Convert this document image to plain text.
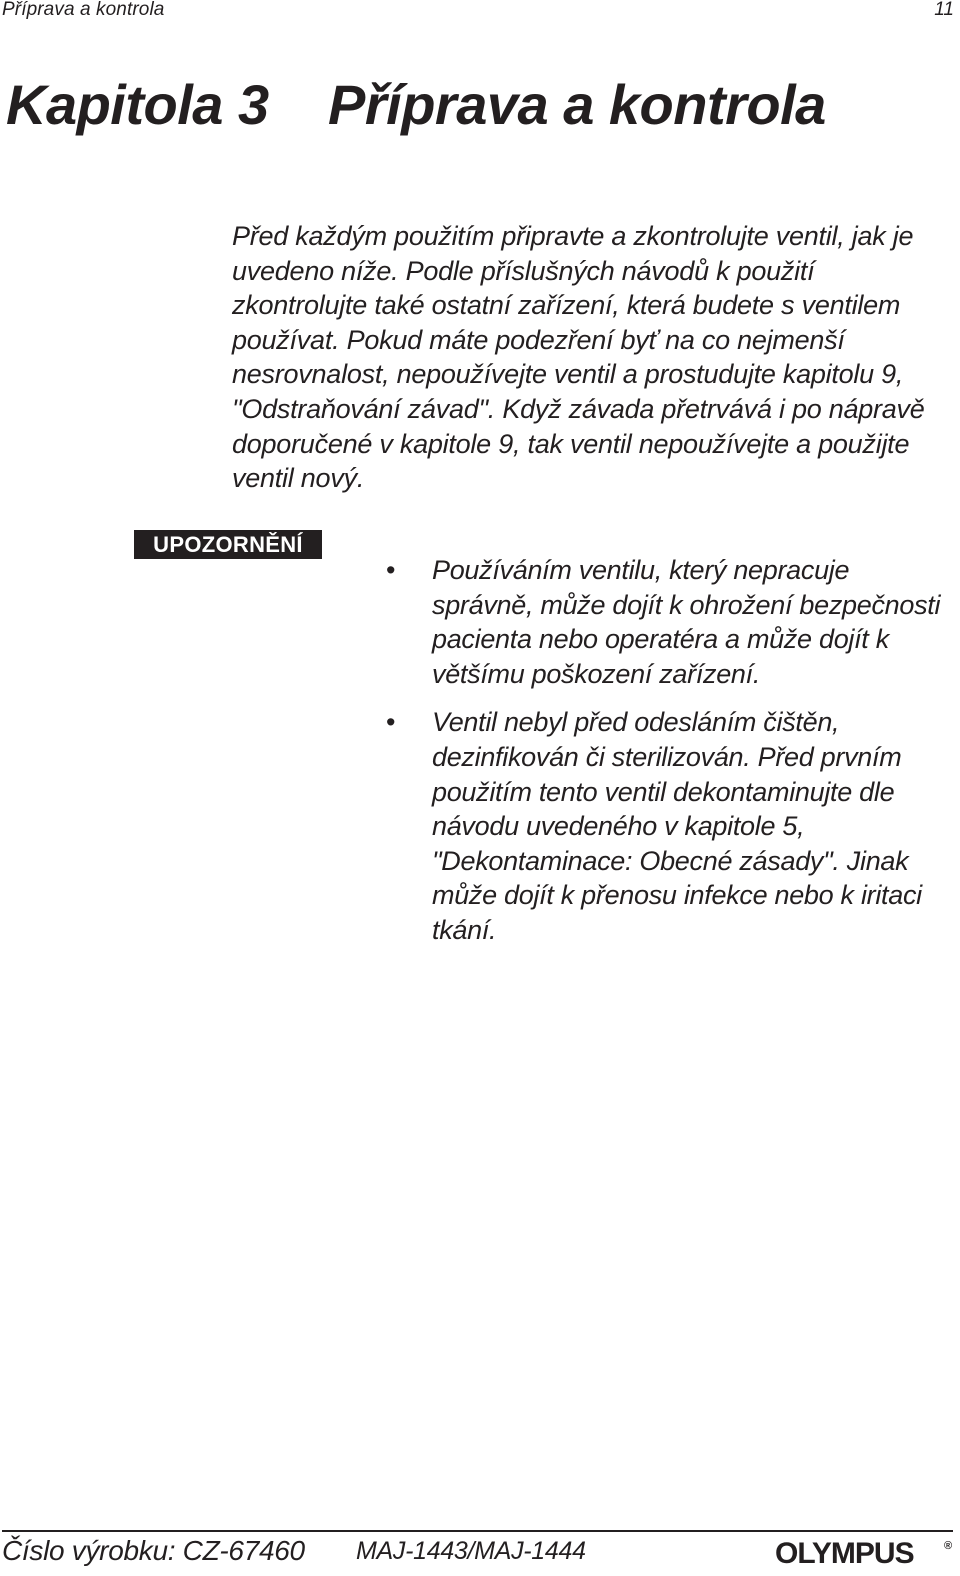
Příprava a kontrola	11
Kapitola 3 Příprava a kontrola

Před každým použitím připravte a zkontrolujte ventil, jak je uvedeno níže. Podle příslušných návodů k použití zkontrolujte také ostatní zařízení, která budete s ventilem používat. Pokud máte podezření byť na co nejmenší nesrovnalost, nepoužívejte ventil a prostudujte kapitolu 9, "Odstraňování závad". Když závada přetrvává i po nápravě doporučené v kapitole 9, tak ventil nepoužívejte a použijte ventil nový.

UPOZORNĚNÍ
• Používáním ventilu, který nepracuje správně, může dojít k ohrožení bezpečnosti pacienta nebo operatéra a může dojít k většímu poškození zařízení.
• Ventil nebyl před odesláním čištěn, dezinfikován či sterilizován. Před prvním použitím tento ventil dekontaminujte dle návodu uvedeného v kapitole 5, "Dekontaminace: Obecné zásady". Jinak může dojít k přenosu infekce nebo k iritaci tkání.
Číslo výrobku: CZ-67460 MAJ-1443/MAJ-1444	OLYMPUS	®
